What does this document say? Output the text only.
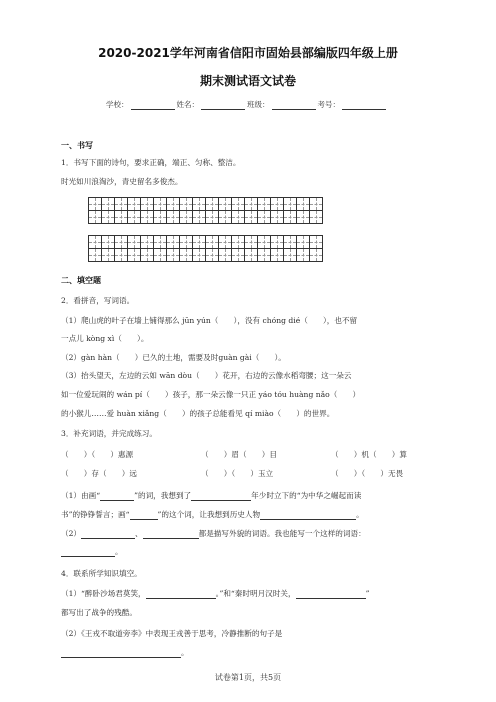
2020-2021学年河南省信阳市固始县部编版四年级上册
期末测试语文试卷
学校：	姓名：	班级：	考号：
一、书写
1．书写下面的诗句，要求正确，端正、匀称、整洁。
时光如川浪淘沙，青史留名多俊杰。
二、填空题
2．看拼音，写词语。
（1）爬山虎的叶子在墙上铺得那么 jūn yún（　　），没有 chóng dié（　　），也不留
一点儿 kòng xì（　　）。
（2）gàn hàn（　　）已久的土地，需要及时guàn gài（　　）。
（3）抬头望天，左边的云如 wān dòu（　　）花开，右边的云像水稻弯腰；这一朵云
如一位爱玩闹的 wán pí（　　）孩子，那一朵云像一只正 yáo tóu huàng nǎo（　　）
的小猴儿……爱 huàn xiǎng（　　）的孩子总能看见 qí miào（　　）的世界。
3．补充词语，并完成练习。
（　　）（　　）惠源	（　　）眉（　　）目	（　　）机（　　）算
（　　）存（　　）远	（　　）（　　）玉立	（　　）（　　）无畏
（1）由画“	”的词，我想到了	年少时立下的“为中华之崛起而读
书”的铮铮誓言；画“	”的这个词，让我想到历史人物	。
（2）	、	都是描写外貌的词语。我也能写一个这样的词语：
。
4．联系所学知识填空。
（1）“醉卧沙场君莫笑，	。”和“秦时明月汉时关，	”
都写出了战争的残酷。
（2）《王戎不取道旁李》中表现王戎善于思考，冷静推断的句子是
。
试卷第1页，共5页
